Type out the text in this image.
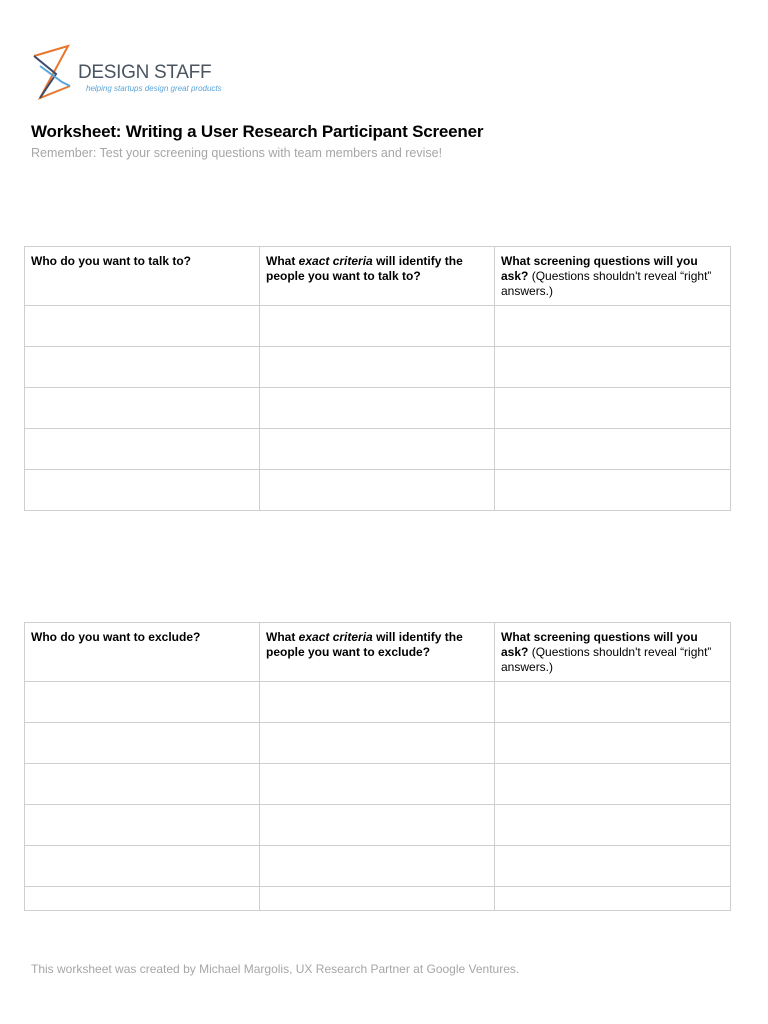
DESIGN STAFF
helping startups design great products
Worksheet: Writing a User Research Participant Screener

Remember: Test your screening questions with team members and revise!

Who do you want to talk to?	What exact criteria will identify the people you want to talk to?	What screening questions will you ask? (Questions shouldn't reveal “right” answers.)

Who do you want to exclude?	What exact criteria will identify the people you want to exclude?	What screening questions will you ask? (Questions shouldn't reveal “right” answers.)

This worksheet was created by Michael Margolis, UX Research Partner at Google Ventures.
